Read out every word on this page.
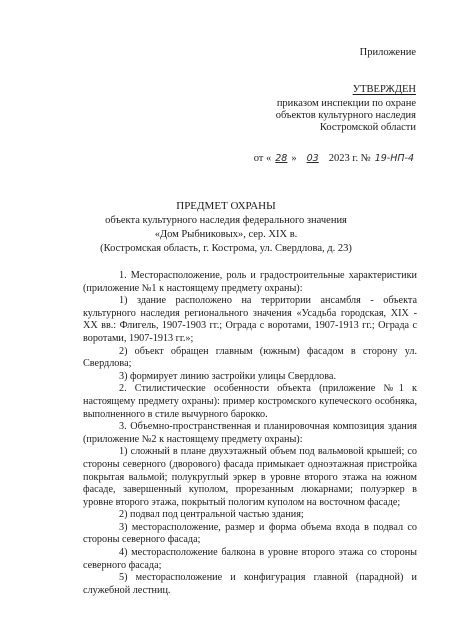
Приложение
УТВЕРЖДЕН
приказом инспекции по охране
объектов культурного наследия
Костромской области
от « 28 »	03 2023 г. № 19-НП-4
ПРЕДМЕТ ОХРАНЫ
объекта культурного наследия федерального значения
«Дом Рыбниковых», сер. XIX в.
(Костромская область, г. Кострома, ул. Свердлова, д. 23)

1. Месторасположение, роль и градостроительные характеристики (приложение №1 к настоящему предмету охраны):

1) здание расположено на территории ансамбля - объекта культурного наследия регионального значения «Усадьба городская, XIX - XX вв.: Флигель, 1907-1903 гг.; Ограда с воротами, 1907-1913 гг.; Ограда с воротами, 1907-1913 гг.»;

2) объект обращен главным (южным) фасадом в сторону ул. Свердлова;

3) формирует линию застройки улицы Свердлова.

2. Стилистические особенности объекта (приложение №1 к настоящему предмету охраны): пример костромского купеческого особняка, выполненного в стиле вычурного барокко.

3. Объемно-пространственная и планировочная композиция здания (приложение №2 к настоящему предмету охраны):

1) сложный в плане двухэтажный объем под вальмовой крышей; со стороны северного (дворового) фасада примыкает одноэтажная пристройка покрытая вальмой; полукруглый эркер в уровне второго этажа на южном фасаде, завершенный куполом, прорезанным люкарнами; полуэркер в уровне второго этажа, покрытый пологим куполом на восточном фасаде;

2) подвал под центральной частью здания;

3) месторасположение, размер и форма объема входа в подвал со стороны северного фасада;

4) месторасположение балкона в уровне второго этажа со стороны северного фасада;

5) месторасположение и конфигурация главной (парадной) и служебной лестниц.
